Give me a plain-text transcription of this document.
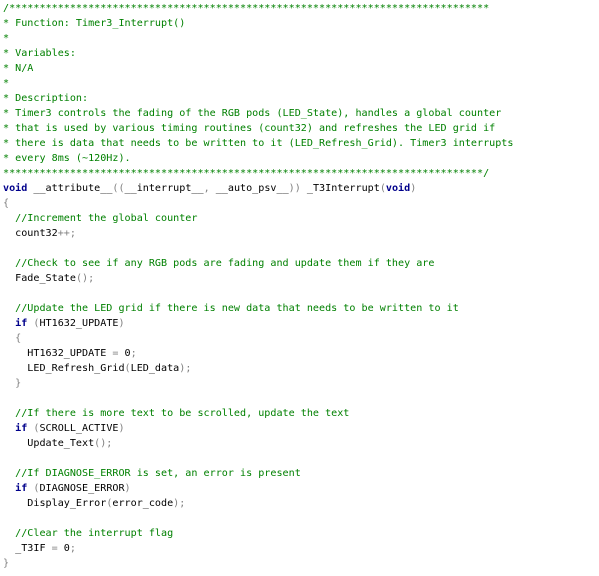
/*******************************************************************************
* Function: Timer3_Interrupt()
*
* Variables:
* N/A
*
* Description:
* Timer3 controls the fading of the RGB pods (LED_State), handles a global counter
* that is used by various timing routines (count32) and refreshes the LED grid if
* there is data that needs to be written to it (LED_Refresh_Grid). Timer3 interrupts
* every 8ms (~120Hz).
*******************************************************************************/
void __attribute__((__interrupt__, __auto_psv__)) _T3Interrupt(void)
{
//Increment the global counter
count32++;
//Check to see if any RGB pods are fading and update them if they are
Fade_State();
//Update the LED grid if there is new data that needs to be written to it
if (HT1632_UPDATE)
{
HT1632_UPDATE = 0;
LED_Refresh_Grid(LED_data);
}
//If there is more text to be scrolled, update the text
if (SCROLL_ACTIVE)
Update_Text();
//If DIAGNOSE_ERROR is set, an error is present
if (DIAGNOSE_ERROR)
Display_Error(error_code);
//Clear the interrupt flag
_T3IF = 0;
}
